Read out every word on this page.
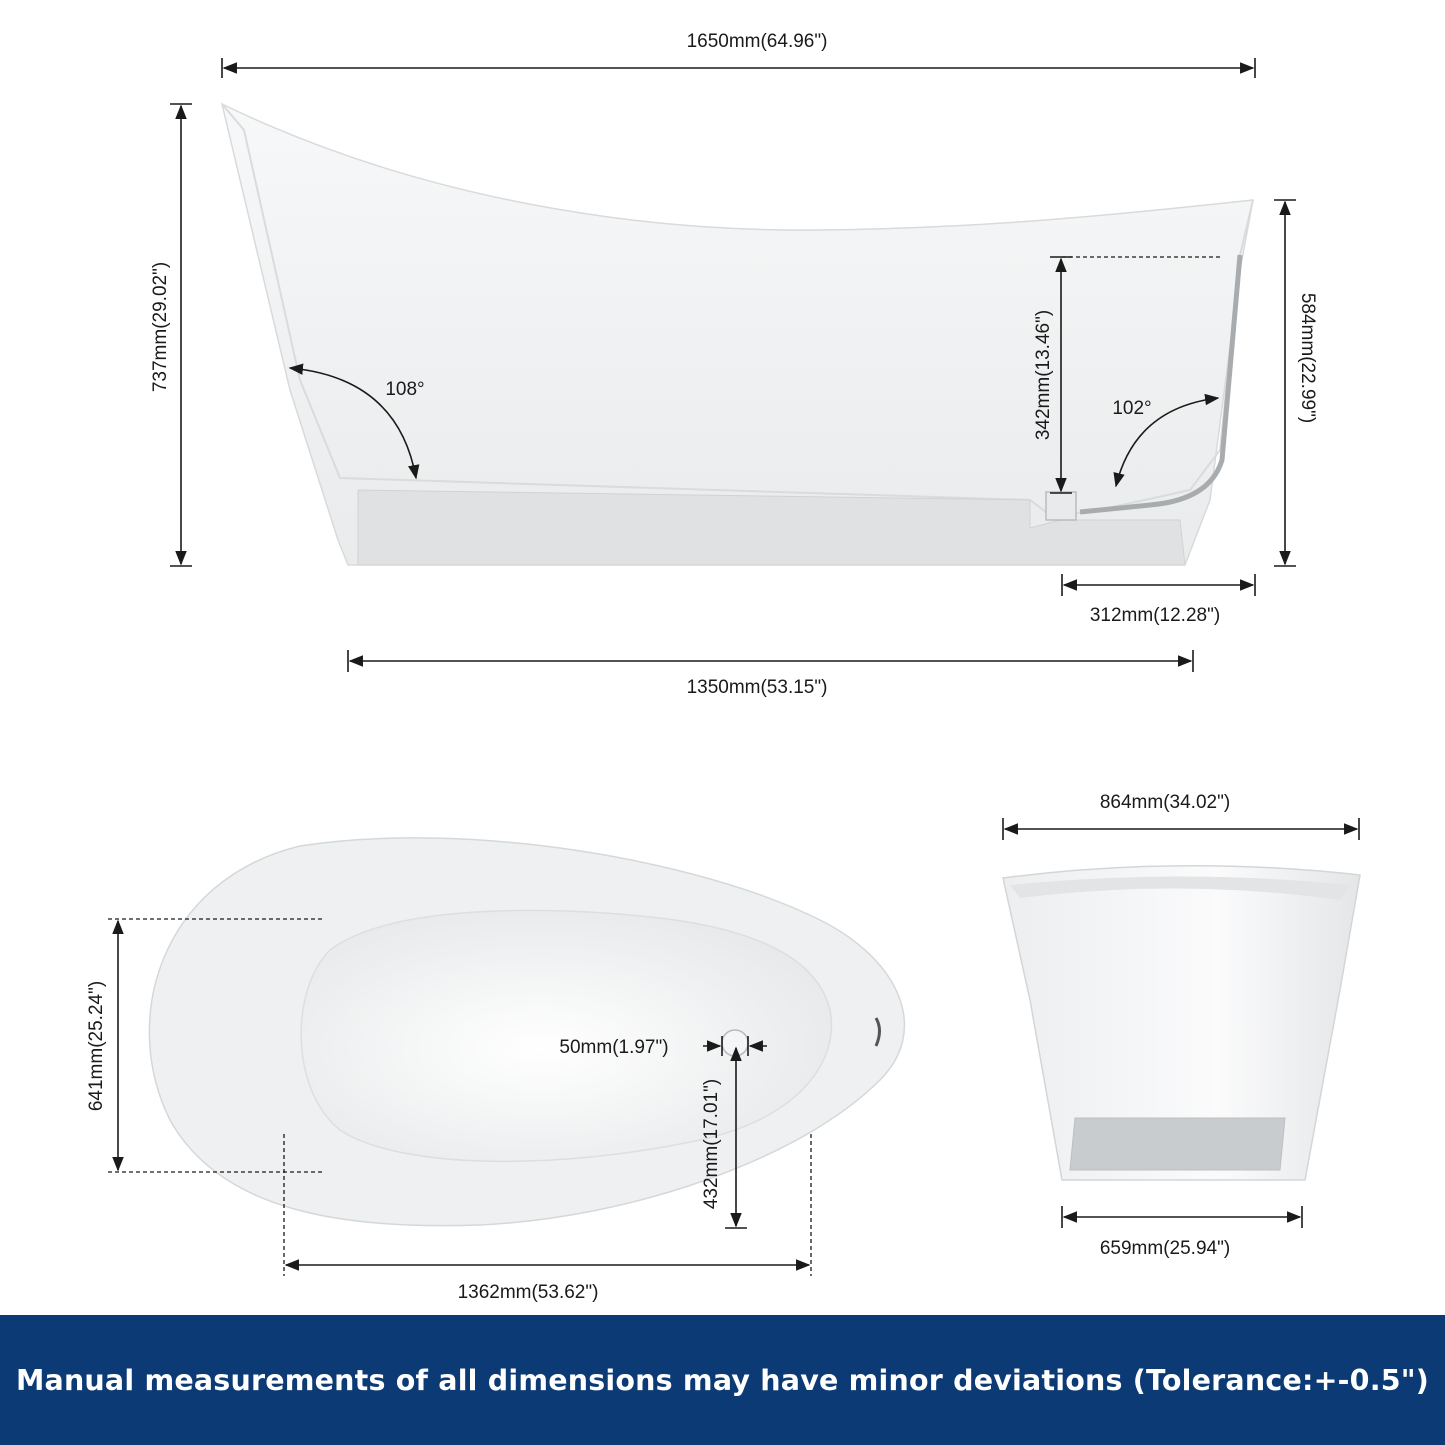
1650mm(64.96")
737mm(29.02")	584mm(22.99")
342mm(13.46")
108°
102°
312mm(12.28")
1350mm(53.15")
641mm(25.24")	50mm(1.97")
432mm(17.01")
1362mm(53.62")
864mm(34.02")
659mm(25.94")
Manual measurements of all dimensions may have minor deviations (Tolerance:+-0.5")
